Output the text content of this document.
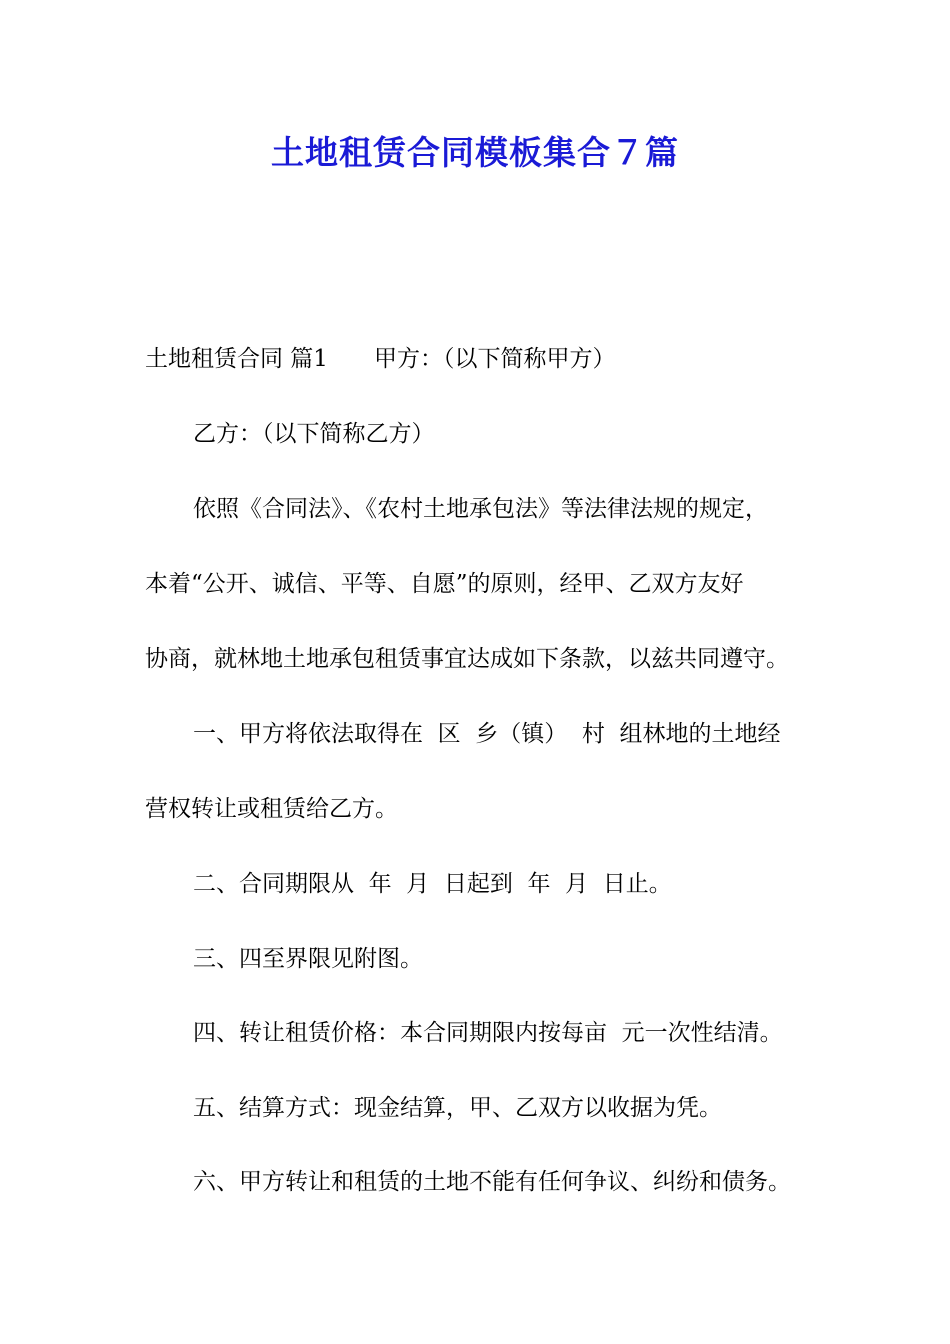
土地租赁合同模板集合７篇
土地租赁合同 篇1 甲方：（以下简称甲方）
乙方：（以下简称乙方）
依照《合同法》、《农村土地承包法》等法律法规的规定，
本着“公开、诚信、平等、自愿”的原则，经甲、乙双方友好
协商，就林地土地承包租赁事宜达成如下条款，以兹共同遵守。
一、甲方将依法取得在  区  乡（镇）  村  组林地的土地经
营权转让或租赁给乙方。
二、合同期限从  年  月  日起到  年  月  日止。
三、四至界限见附图。
四、转让租赁价格：本合同期限内按每亩  元一次性结清。
五、结算方式：现金结算，甲、乙双方以收据为凭。
六、甲方转让和租赁的土地不能有任何争议、纠纷和债务。
